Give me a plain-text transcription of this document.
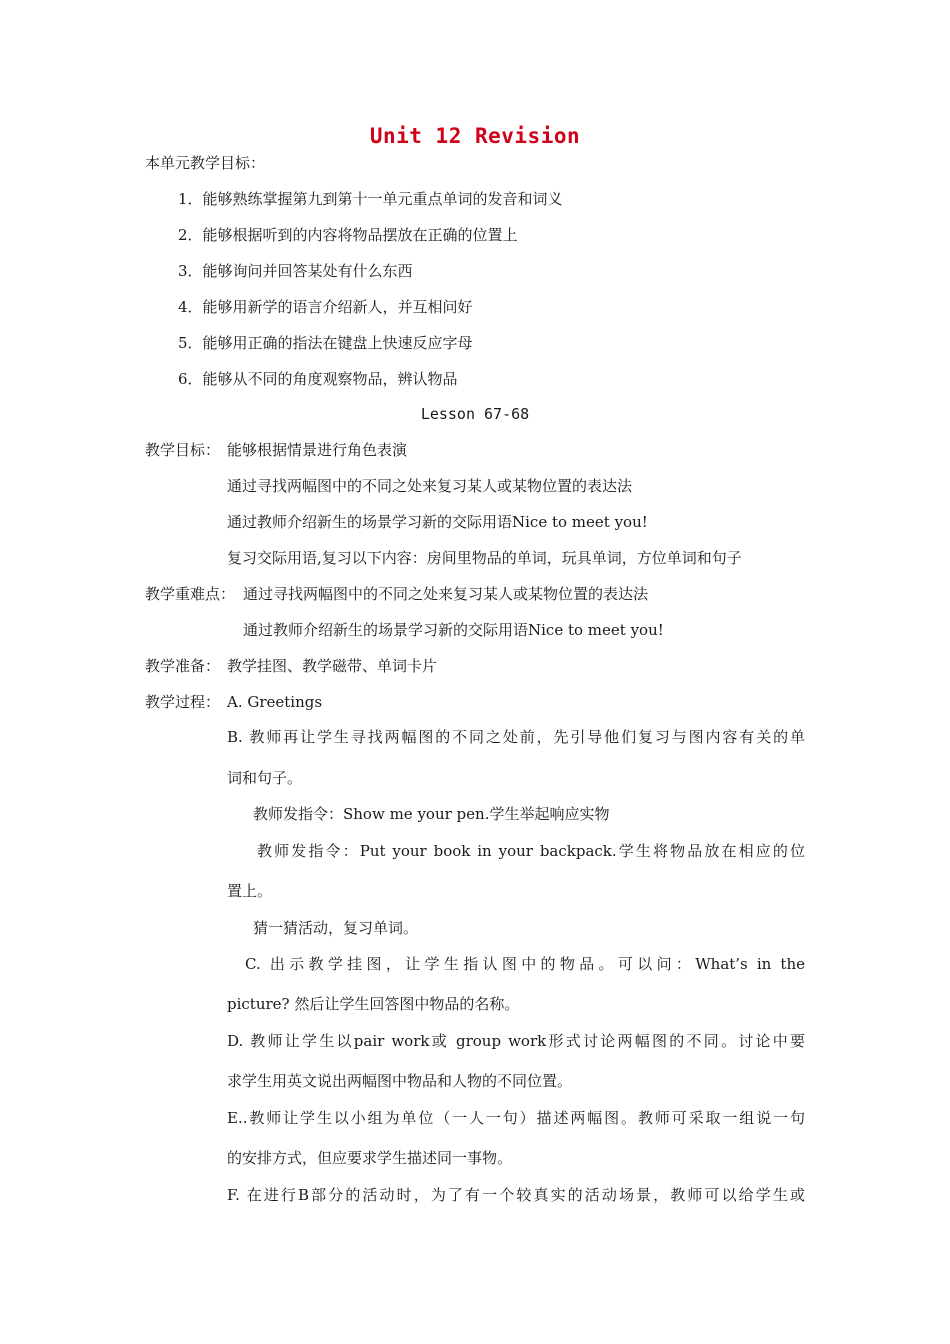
Unit 12 Revision
本单元教学目标：
1．能够熟练掌握第九到第十一单元重点单词的发音和词义
2．能够根据听到的内容将物品摆放在正确的位置上
3．能够询问并回答某处有什么东西
4．能够用新学的语言介绍新人，并互相问好
5．能够用正确的指法在键盘上快速反应字母
6．能够从不同的角度观察物品，辨认物品
Lesson 67-68
教学目标： 能够根据情景进行角色表演
通过寻找两幅图中的不同之处来复习某人或某物位置的表达法
通过教师介绍新生的场景学习新的交际用语Nice to meet you!
复习交际用语,复习以下内容：房间里物品的单词，玩具单词，方位单词和句子
教学重难点： 通过寻找两幅图中的不同之处来复习某人或某物位置的表达法
通过教师介绍新生的场景学习新的交际用语Nice to meet you!
教学准备： 教学挂图、教学磁带、单词卡片
教学过程： A. Greetings
B. 教师再让学生寻找两幅图的不同之处前，先引导他们复习与图内容有关的单
词和句子。
教师发指令：Show me your pen.学生举起响应实物
教师发指令：Put your book in your backpack.学生将物品放在相应的位
置上。
猜一猜活动，复习单词。
C. 出示教学挂图，让学生指认图中的物品。可以问：What’s in the
picture? 然后让学生回答图中物品的名称。
D. 教师让学生以pair work或 group work形式讨论两幅图的不同。讨论中要
求学生用英文说出两幅图中物品和人物的不同位置。
E..教师让学生以小组为单位（一人一句）描述两幅图。教师可采取一组说一句
的安排方式，但应要求学生描述同一事物。
F. 在进行B部分的活动时，为了有一个较真实的活动场景，教师可以给学生或
